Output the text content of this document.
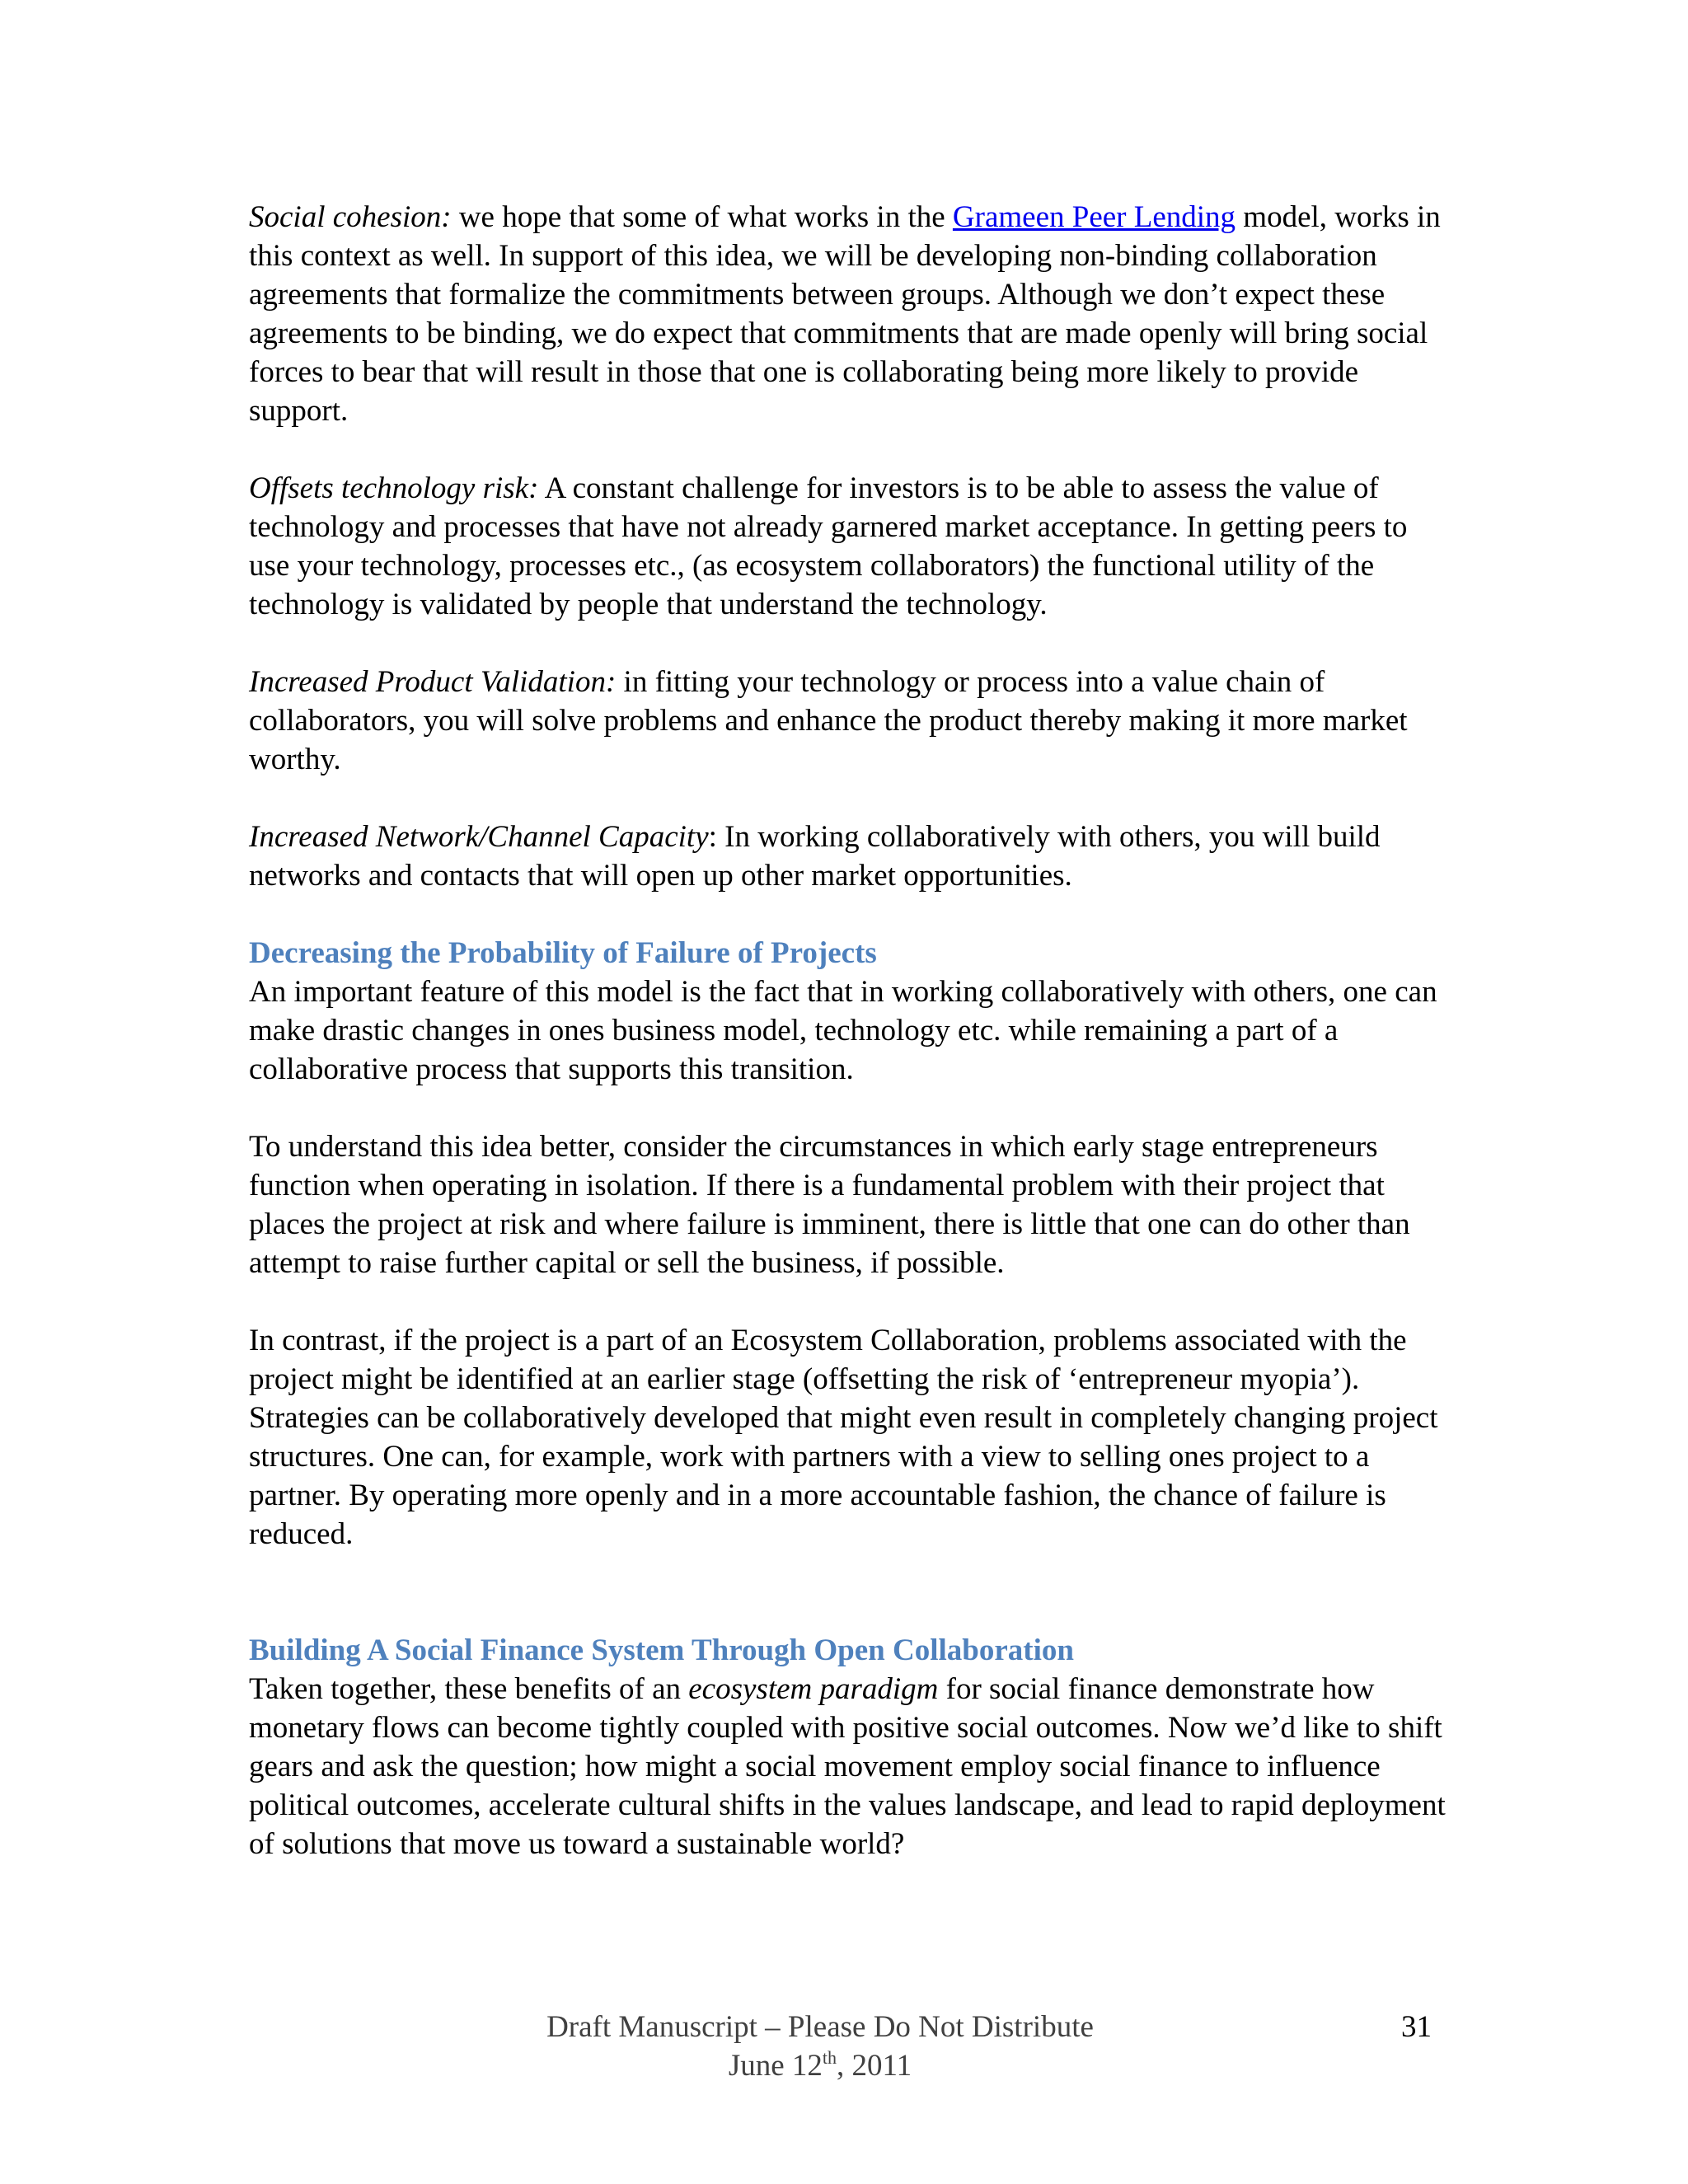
Social cohesion: we hope that some of what works in the Grameen Peer Lending model, works in this context as well. In support of this idea, we will be developing non-binding collaboration agreements that formalize the commitments between groups. Although we don’t expect these agreements to be binding, we do expect that commitments that are made openly will bring social forces to bear that will result in those that one is collaborating being more likely to provide support.

Offsets technology risk: A constant challenge for investors is to be able to assess the value of technology and processes that have not already garnered market acceptance. In getting peers to use your technology, processes etc., (as ecosystem collaborators) the functional utility of the technology is validated by people that understand the technology.

Increased Product Validation: in fitting your technology or process into a value chain of collaborators, you will solve problems and enhance the product thereby making it more market worthy.

Increased Network/Channel Capacity: In working collaboratively with others, you will build networks and contacts that will open up other market opportunities.

Decreasing the Probability of Failure of Projects

An important feature of this model is the fact that in working collaboratively with others, one can make drastic changes in ones business model, technology etc. while remaining a part of a collaborative process that supports this transition.

To understand this idea better, consider the circumstances in which early stage entrepreneurs function when operating in isolation. If there is a fundamental problem with their project that places the project at risk and where failure is imminent, there is little that one can do other than attempt to raise further capital or sell the business, if possible.

In contrast, if the project is a part of an Ecosystem Collaboration, problems associated with the project might be identified at an earlier stage (offsetting the risk of ‘entrepreneur myopia’). Strategies can be collaboratively developed that might even result in completely changing project structures. One can, for example, work with partners with a view to selling ones project to a partner. By operating more openly and in a more accountable fashion, the chance of failure is reduced.

Building A Social Finance System Through Open Collaboration

Taken together, these benefits of an ecosystem paradigm for social finance demonstrate how monetary flows can become tightly coupled with positive social outcomes. Now we’d like to shift gears and ask the question; how might a social movement employ social finance to influence political outcomes, accelerate cultural shifts in the values landscape, and lead to rapid deployment of solutions that move us toward a sustainable world?

Draft Manuscript – Please Do Not Distribute
June 12th, 2011
31
